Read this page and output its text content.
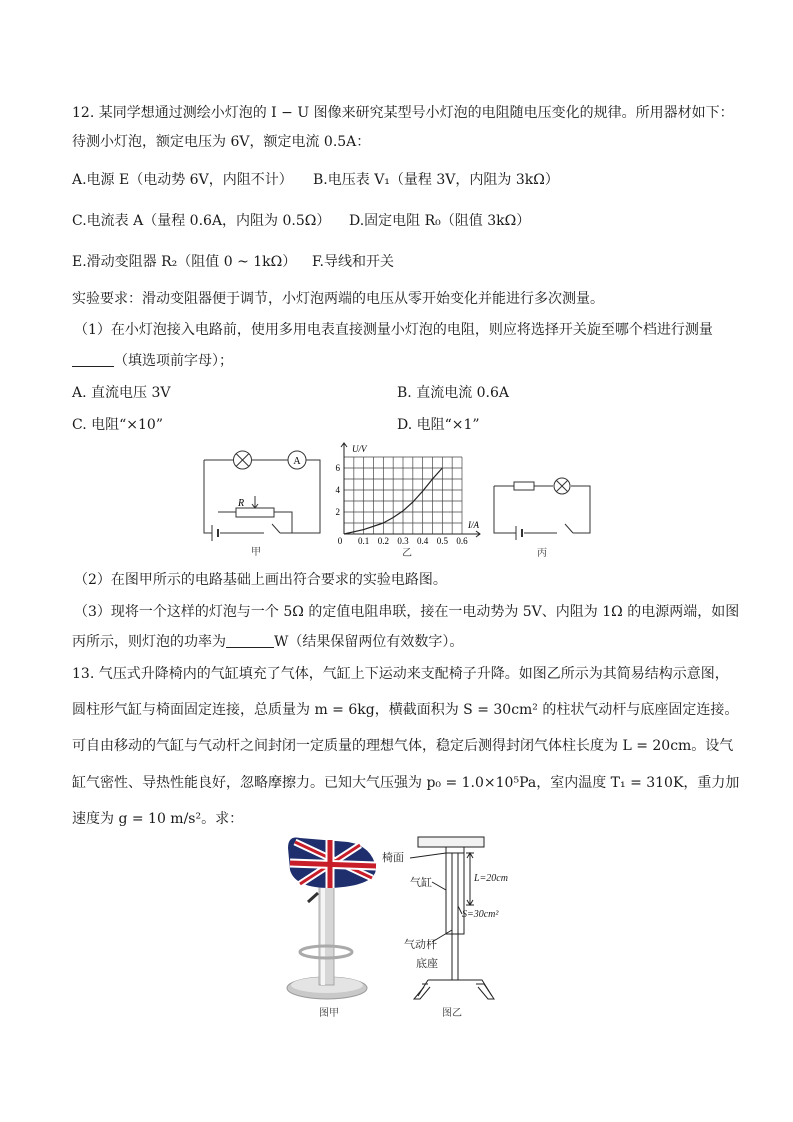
12. 某同学想通过测绘小灯泡的 I − U 图像来研究某型号小灯泡的电阻随电压变化的规律。所用器材如下：
待测小灯泡，额定电压为 6V，额定电流 0.5A：
A.电源 E（电动势 6V，内阻不计） B.电压表 V₁（量程 3V，内阻为 3kΩ）
C.电流表 A（量程 0.6A，内阻为 0.5Ω） D.固定电阻 R₀（阻值 3kΩ）
E.滑动变阻器 R₂（阻值 0 ~ 1kΩ） F.导线和开关
实验要求：滑动变阻器便于调节，小灯泡两端的电压从零开始变化并能进行多次测量。
（1）在小灯泡接入电路前，使用多用电表直接测量小灯泡的电阻，则应将选择开关旋至哪个档进行测量
（填选项前字母）；
A. 直流电压 3V	B. 直流电流 0.6A
C. 电阻“×10”	D. 电阻“×1”
A
R
甲
0 0.1 0.2 0.3 0.4 0.5 0.6
2
4
6
U/V
I/A
乙	丙
（2）在图甲所示的电路基础上画出符合要求的实验电路图。
（3）现将一个这样的灯泡与一个 5Ω 的定值电阻串联，接在一电动势为 5V、内阻为 1Ω 的电源两端，如图
丙所示，则灯泡的功率为	W（结果保留两位有效数字）。
13. 气压式升降椅内的气缸填充了气体，气缸上下运动来支配椅子升降。如图乙所示为其简易结构示意图，
圆柱形气缸与椅面固定连接，总质量为 m = 6kg，横截面积为 S = 30cm² 的柱状气动杆与底座固定连接。
可自由移动的气缸与气动杆之间封闭一定质量的理想气体，稳定后测得封闭气体柱长度为 L = 20cm。设气
缸气密性、导热性能良好，忽略摩擦力。已知大气压强为 p₀ = 1.0×10⁵Pa，室内温度 T₁ = 310K，重力加
速度为 g = 10 m/s²。求：
图甲
椅面
气缸	L=20cm
S=30cm²
气动杆
底座
图乙
